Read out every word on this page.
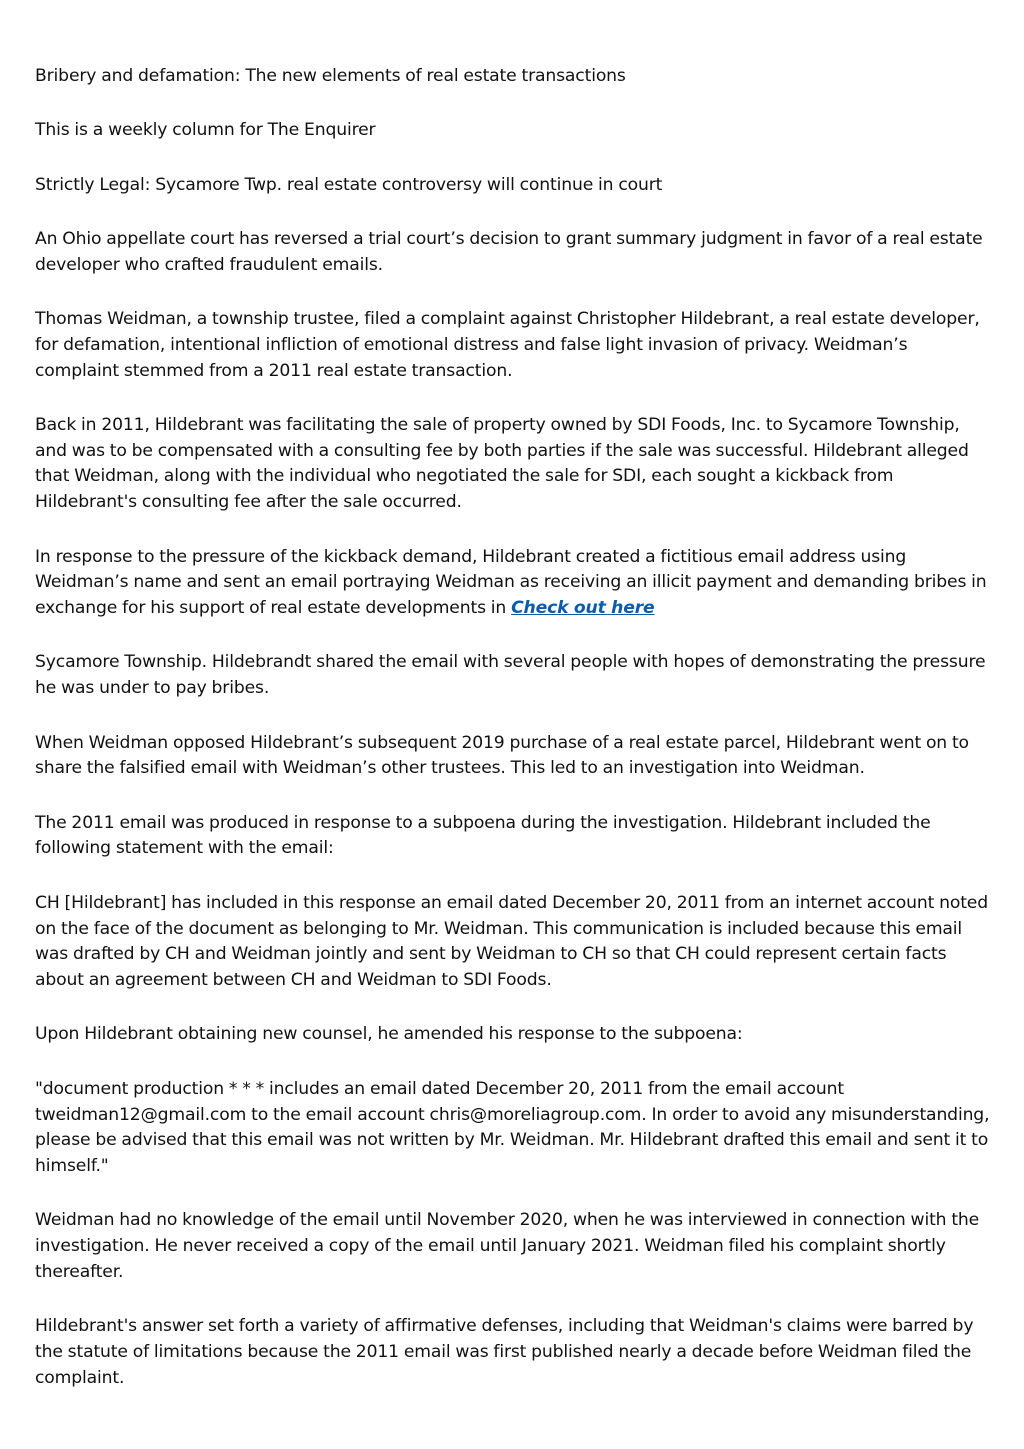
Bribery and defamation: The new elements of real estate transactions

This is a weekly column for The Enquirer

Strictly Legal: Sycamore Twp. real estate controversy will continue in court

An Ohio appellate court has reversed a trial court’s decision to grant summary judgment in favor of a real estate developer who crafted fraudulent emails.

Thomas Weidman, a township trustee, filed a complaint against Christopher Hildebrant, a real estate developer, for defamation, intentional infliction of emotional distress and false light invasion of privacy. Weidman’s complaint stemmed from a 2011 real estate transaction.

Back in 2011, Hildebrant was facilitating the sale of property owned by SDI Foods, Inc. to Sycamore Township, and was to be compensated with a consulting fee by both parties if the sale was successful. Hildebrant alleged that Weidman, along with the individual who negotiated the sale for SDI, each sought a kickback from Hildebrant's consulting fee after the sale occurred.

In response to the pressure of the kickback demand, Hildebrant created a fictitious email address using Weidman’s name and sent an email portraying Weidman as receiving an illicit payment and demanding bribes in exchange for his support of real estate developments in Check out here

Sycamore Township. Hildebrandt shared the email with several people with hopes of demonstrating the pressure he was under to pay bribes.

When Weidman opposed Hildebrant’s subsequent 2019 purchase of a real estate parcel, Hildebrant went on to share the falsified email with Weidman’s other trustees. This led to an investigation into Weidman.

The 2011 email was produced in response to a subpoena during the investigation. Hildebrant included the following statement with the email:

CH [Hildebrant] has included in this response an email dated December 20, 2011 from an internet account noted on the face of the document as belonging to Mr. Weidman. This communication is included because this email was drafted by CH and Weidman jointly and sent by Weidman to CH so that CH could represent certain facts about an agreement between CH and Weidman to SDI Foods.

Upon Hildebrant obtaining new counsel, he amended his response to the subpoena:

"document production * * * includes an email dated December 20, 2011 from the email account tweidman12@gmail.com to the email account chris@moreliagroup.com. In order to avoid any misunderstanding, please be advised that this email was not written by Mr. Weidman. Mr. Hildebrant drafted this email and sent it to himself."

Weidman had no knowledge of the email until November 2020, when he was interviewed in connection with the investigation. He never received a copy of the email until January 2021. Weidman filed his complaint shortly thereafter.

Hildebrant's answer set forth a variety of affirmative defenses, including that Weidman's claims were barred by the statute of limitations because the 2011 email was first published nearly a decade before Weidman filed the complaint.
